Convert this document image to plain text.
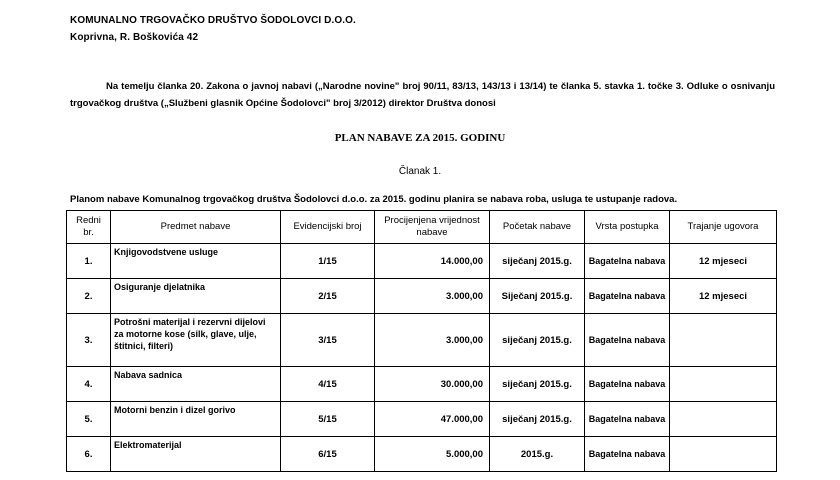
KOMUNALNO TRGOVAČKO DRUŠTVO ŠODOLOVCI D.O.O.
Koprivna, R. Boškovića 42
Na temelju članka 20. Zakona o javnoj nabavi („Narodne novine" broj 90/11, 83/13, 143/13 i 13/14) te članka 5. stavka 1. točke 3. Odluke o osnivanju trgovačkog društva („Službeni glasnik Općine Šodolovci" broj 3/2012) direktor Društva donosi
PLAN NABAVE ZA 2015. GODINU
Članak 1.
Planom nabave Komunalnog trgovačkog društva Šodolovci d.o.o. za 2015. godinu planira se nabava roba, usluga te ustupanje radova.
Redni br.	Predmet nabave	Evidencijski broj	Procijenjena vrijednost nabave	Početak nabave	Vrsta postupka	Trajanje ugovora
1.	Knjigovodstvene usluge	1/15	14.000,00	siječanj 2015.g.	Bagatelna nabava	12 mjeseci
2.	Osiguranje djelatnika	2/15	3.000,00	Siječanj 2015.g.	Bagatelna nabava	12 mjeseci
3.	Potrošni materijal i rezervni dijelovi za motorne kose (silk, glave, ulje, štitnici, filteri)	3/15	3.000,00	siječanj 2015.g.	Bagatelna nabava	
4.	Nabava sadnica	4/15	30.000,00	siječanj 2015.g.	Bagatelna nabava	
5.	Motorni benzin i dizel gorivo	5/15	47.000,00	siječanj 2015.g.	Bagatelna nabava	
6.	Elektromaterijal	6/15	5.000,00	2015.g.	Bagatelna nabava	
